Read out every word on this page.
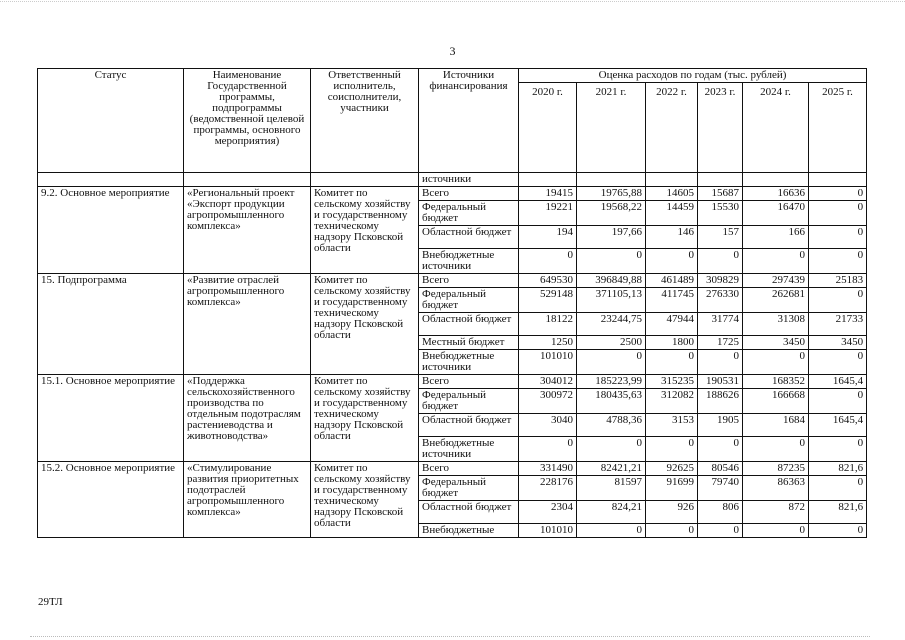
3
Статус	Наименование Государственной программы, подпрограммы (ведомственной целевой программы, основного мероприятия)	Ответственный исполнитель, соисполнители, участники	Источники финансирования	Оценка расходов по годам (тыс. рублей)					
				2020 г.	2021 г.	2022 г.	2023 г.	2024 г.	2025 г.
			источники						
9.2. Основное мероприятие	«Региональный проект «Экспорт продукции агропромышленного комплекса»	Комитет по сельскому хозяйству и государственному техническому надзору Псковской области	Всего	19415	19765,88	14605	15687	16636	0
			Федеральный бюджет	19221	19568,22	14459	15530	16470	0
			Областной бюджет	194	197,66	146	157	166	0
			Внебюджетные источники	0	0	0	0	0	0
15. Подпрограмма	«Развитие отраслей агропромышленного комплекса»	Комитет по сельскому хозяйству и государственному техническому надзору Псковской области	Всего	649530	396849,88	461489	309829	297439	25183
			Федеральный бюджет	529148	371105,13	411745	276330	262681	0
			Областной бюджет	18122	23244,75	47944	31774	31308	21733
			Местный бюджет	1250	2500	1800	1725	3450	3450
			Внебюджетные источники	101010	0	0	0	0	0
15.1. Основное мероприятие	«Поддержка сельскохозяйственного производства по отдельным подотраслям растениеводства и животноводства»	Комитет по сельскому хозяйству и государственному техническому надзору Псковской области	Всего	304012	185223,99	315235	190531	168352	1645,4
			Федеральный бюджет	300972	180435,63	312082	188626	166668	0
			Областной бюджет	3040	4788,36	3153	1905	1684	1645,4
			Внебюджетные источники	0	0	0	0	0	0
15.2. Основное мероприятие	«Стимулирование развития приоритетных подотраслей агропромышленного комплекса»	Комитет по сельскому хозяйству и государственному техническому надзору Псковской области	Всего	331490	82421,21	92625	80546	87235	821,6
			Федеральный бюджет	228176	81597	91699	79740	86363	0
			Областной бюджет	2304	824,21	926	806	872	821,6
			Внебюджетные	101010	0	0	0	0	0
29ТЛ
